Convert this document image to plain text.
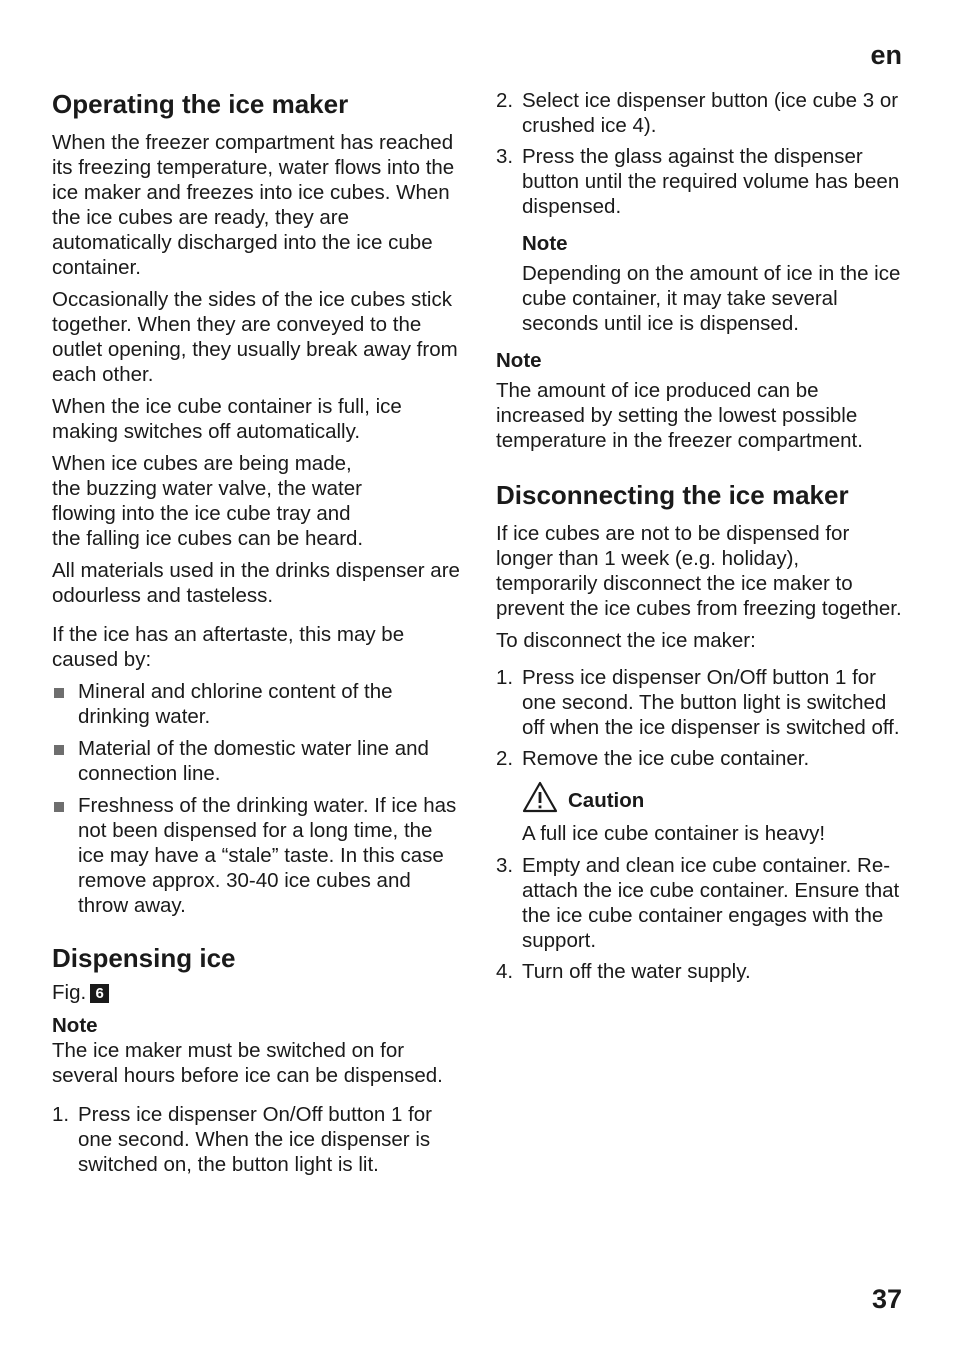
en
Operating the ice maker

When the freezer compartment has reached its freezing temperature, water flows into the ice maker and freezes into ice cubes. When the ice cubes are ready, they are automatically discharged into the ice cube container.

Occasionally the sides of the ice cubes stick together. When they are conveyed to the outlet opening, they usually break away from each other.

When the ice cube container is full, ice making switches off automatically.

When ice cubes are being made,
the buzzing water valve, the water
flowing into the ice cube tray and
the falling ice cubes can be heard.

All materials used in the drinks dispenser are odourless and tasteless.

If the ice has an aftertaste, this may be caused by:

Mineral and chlorine content of the drinking water.
Material of the domestic water line and connection line.
Freshness of the drinking water. If ice has not been dispensed for a long time, the ice may have a “stale” taste. In this case remove approx. 30-40 ice cubes and throw away.
Dispensing ice

Fig. 6

Note

The ice maker must be switched on for several hours before ice can be dispensed.

1. Press ice dispenser On/Off button 1 for one second. When the ice dispenser is switched on, the button light is lit.
2. Select ice dispenser button (ice cube 3 or crushed ice 4).
3. Press the glass against the dispenser button until the required volume has been dispensed.
Note

Depending on the amount of ice in the ice cube container, it may take several seconds until ice is dispensed.

Note

The amount of ice produced can be increased by setting the lowest possible temperature in the freezer compartment.

Disconnecting the ice maker

If ice cubes are not to be dispensed for longer than 1 week (e.g. holiday), temporarily disconnect the ice maker to prevent the ice cubes from freezing together.

To disconnect the ice maker:

1. Press ice dispenser On/Off button 1 for one second. The button light is switched off when the ice dispenser is switched off.
2. Remove the ice cube container.
Caution

A full ice cube container is heavy!

3. Empty and clean ice cube container. Re-attach the ice cube container. Ensure that the ice cube container engages with the support.
4. Turn off the water supply.
37
